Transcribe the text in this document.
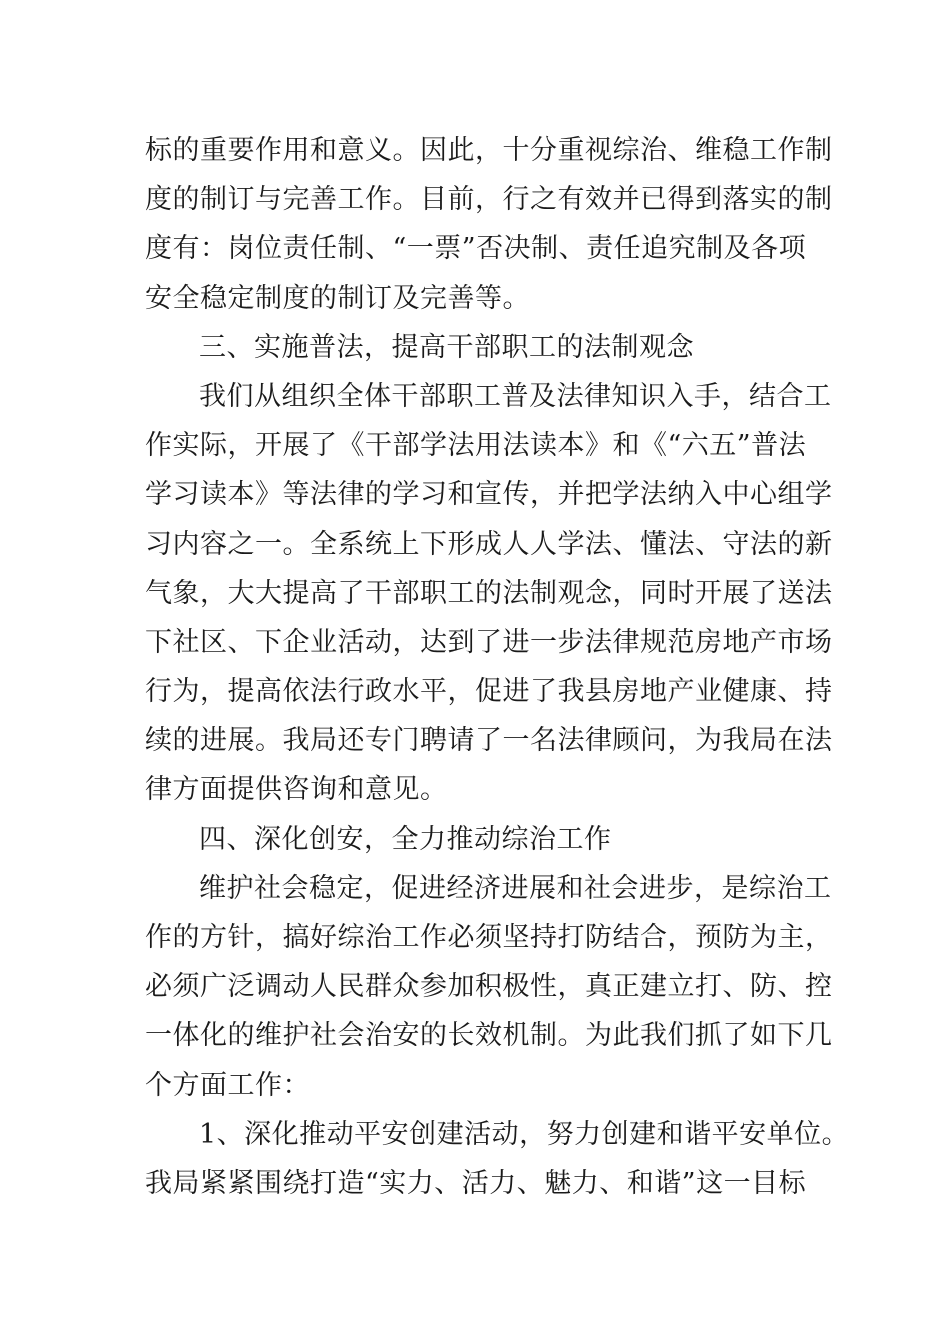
标的重要作用和意义。因此，十分重视综治、维稳工作制
度的制订与完善工作。目前，行之有效并已得到落实的制
度有：岗位责任制、“一票”否决制、责任追究制及各项
安全稳定制度的制订及完善等。
三、实施普法，提高干部职工的法制观念
我们从组织全体干部职工普及法律知识入手，结合工
作实际，开展了《干部学法用法读本》和《“六五”普法
学习读本》等法律的学习和宣传，并把学法纳入中心组学
习内容之一。全系统上下形成人人学法、懂法、守法的新
气象，大大提高了干部职工的法制观念，同时开展了送法
下社区、下企业活动，达到了进一步法律规范房地产市场
行为，提高依法行政水平，促进了我县房地产业健康、持
续的进展。我局还专门聘请了一名法律顾问，为我局在法
律方面提供咨询和意见。
四、深化创安，全力推动综治工作
维护社会稳定，促进经济进展和社会进步，是综治工
作的方针，搞好综治工作必须坚持打防结合，预防为主，
必须广泛调动人民群众参加积极性，真正建立打、防、控
一体化的维护社会治安的长效机制。为此我们抓了如下几
个方面工作：
1、深化推动平安创建活动，努力创建和谐平安单位。
我局紧紧围绕打造“实力、活力、魅力、和谐”这一目标
